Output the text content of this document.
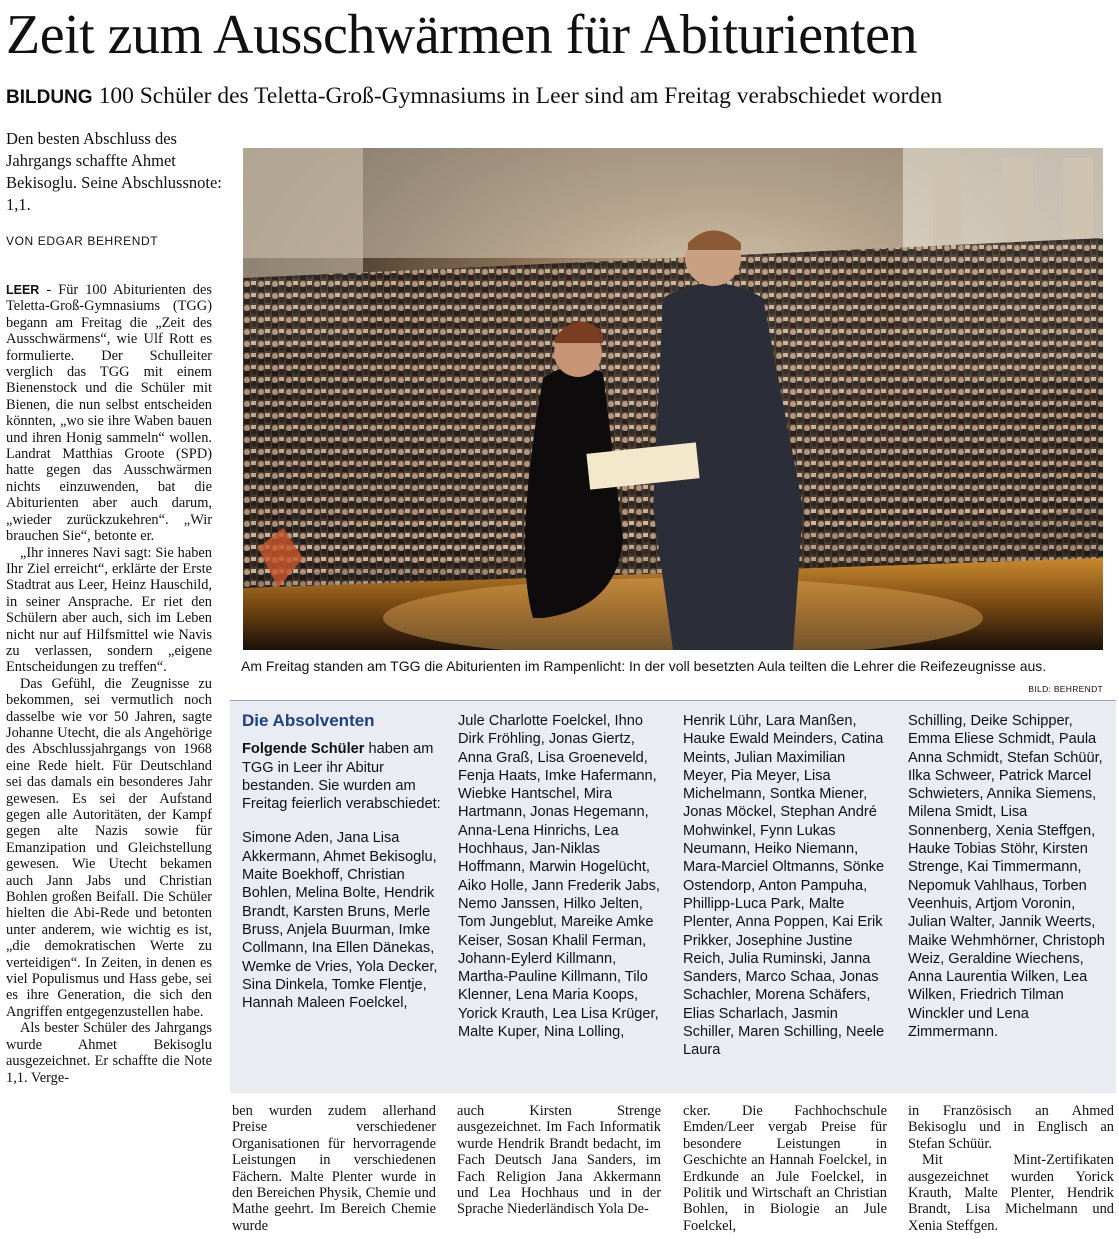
Zeit zum Ausschwärmen für Abiturienten
BILDUNG 100 Schüler des Teletta-Groß-Gymnasiums in Leer sind am Freitag verabschiedet worden
Den besten Abschluss des Jahrgangs schaffte Ahmet Bekisoglu. Seine Abschlussnote: 1,1.
VON EDGAR BEHRENDT

LEER - Für 100 Abiturienten des Teletta-Groß-Gymnasiums (TGG) begann am Freitag die „Zeit des Ausschwärmens“, wie Ulf Rott es formulierte. Der Schulleiter verglich das TGG mit einem Bienenstock und die Schüler mit Bienen, die nun selbst entscheiden könnten, „wo sie ihre Waben bauen und ihren Honig sammeln“ wollen. Landrat Matthias Groote (SPD) hatte gegen das Ausschwärmen nichts einzuwenden, bat die Abiturienten aber auch darum, „wieder zurückzukehren“. „Wir brauchen Sie“, betonte er.

„Ihr inneres Navi sagt: Sie haben Ihr Ziel erreicht“, erklärte der Erste Stadtrat aus Leer, Heinz Hauschild, in seiner Ansprache. Er riet den Schülern aber auch, sich im Leben nicht nur auf Hilfsmittel wie Navis zu verlassen, sondern „eigene Entscheidungen zu treffen“.

Das Gefühl, die Zeugnisse zu bekommen, sei vermutlich noch dasselbe wie vor 50 Jahren, sagte Johanne Utecht, die als Angehörige des Abschlussjahrgangs von 1968 eine Rede hielt. Für Deutschland sei das damals ein besonderes Jahr gewesen. Es sei der Aufstand gegen alle Autoritäten, der Kampf gegen alte Nazis sowie für Emanzipation und Gleichstellung gewesen. Wie Utecht bekamen auch Jann Jabs und Christian Bohlen großen Beifall. Die Schüler hielten die Abi-Rede und betonten unter anderem, wie wichtig es ist, „die demokratischen Werte zu verteidigen“. In Zeiten, in denen es viel Populismus und Hass gebe, sei es ihre Generation, die sich den Angriffen entgegenzustellen habe.

Als bester Schüler des Jahrgangs wurde Ahmet Bekisoglu ausgezeichnet. Er schaffte die Note 1,1. Verge-

Am Freitag standen am TGG die Abiturienten im Rampenlicht: In der voll besetzten Aula teilten die Lehrer die Reifezeugnisse aus.
BILD: BEHRENDT
Die Absolventen
Folgende Schüler haben am TGG in Leer ihr Abitur bestanden. Sie wurden am Freitag feierlich verabschiedet:
Simone Aden, Jana Lisa Akkermann, Ahmet Bekisoglu, Maite Boekhoff, Christian Bohlen, Melina Bolte, Hendrik Brandt, Karsten Bruns, Merle Bruss, Anjela Buurman, Imke Collmann, Ina Ellen Dänekas, Wemke de Vries, Yola Decker, Sina Dinkela, Tomke Flentje, Hannah Maleen Foelckel,
Jule Charlotte Foelckel, Ihno Dirk Fröhling, Jonas Giertz, Anna Graß, Lisa Groeneveld, Fenja Haats, Imke Hafermann, Wiebke Hantschel, Mira Hartmann, Jonas Hegemann, Anna-Lena Hinrichs, Lea Hochhaus, Jan-Niklas Hoffmann, Marwin Hogelücht, Aiko Holle, Jann Frederik Jabs, Nemo Janssen, Hilko Jelten, Tom Jungeblut, Mareike Amke Keiser, Sosan Khalil Ferman, Johann-Eylerd Killmann, Martha-Pauline Killmann, Tilo Klenner, Lena Maria Koops, Yorick Krauth, Lea Lisa Krüger, Malte Kuper, Nina Lolling,
Henrik Lühr, Lara Manßen, Hauke Ewald Meinders, Catina Meints, Julian Maximilian Meyer, Pia Meyer, Lisa Michelmann, Sontka Miener, Jonas Möckel, Stephan André Mohwinkel, Fynn Lukas Neumann, Heiko Niemann, Mara-Marciel Oltmanns, Sönke Ostendorp, Anton Pampuha, Phillipp-Luca Park, Malte Plenter, Anna Poppen, Kai Erik Prikker, Josephine Justine Reich, Julia Ruminski, Janna Sanders, Marco Schaa, Jonas Schachler, Morena Schäfers, Elias Scharlach, Jasmin Schiller, Maren Schilling, Neele Laura
Schilling, Deike Schipper, Emma Eliese Schmidt, Paula Anna Schmidt, Stefan Schüür, Ilka Schweer, Patrick Marcel Schwieters, Annika Siemens, Milena Smidt, Lisa Sonnenberg, Xenia Steffgen, Hauke Tobias Stöhr, Kirsten Strenge, Kai Timmermann, Nepomuk Vahlhaus, Torben Veenhuis, Artjom Voronin, Julian Walter, Jannik Weerts, Maike Wehmhörner, Christoph Weiz, Geraldine Wiechens, Anna Laurentia Wilken, Lea Wilken, Friedrich Tilman Winckler und Lena Zimmermann.
ben wurden zudem allerhand Preise verschiedener Organisationen für hervorragende Leistungen in verschiedenen Fächern. Malte Plenter wurde in den Bereichen Physik, Chemie und Mathe geehrt. Im Bereich Chemie wurde
auch Kirsten Strenge ausgezeichnet. Im Fach Informatik wurde Hendrik Brandt bedacht, im Fach Deutsch Jana Sanders, im Fach Religion Jana Akkermann und Lea Hochhaus und in der Sprache Niederländisch Yola De-
cker. Die Fachhochschule Emden/Leer vergab Preise für besondere Leistungen in Geschichte an Hannah Foelckel, in Erdkunde an Jule Foelckel, in Politik und Wirtschaft an Christian Bohlen, in Biologie an Jule Foelckel,

in Französisch an Ahmed Bekisoglu und in Englisch an Stefan Schüür.

Mit Mint-Zertifikaten ausgezeichnet wurden Yorick Krauth, Malte Plenter, Hendrik Brandt, Lisa Michelmann und Xenia Steffgen.
